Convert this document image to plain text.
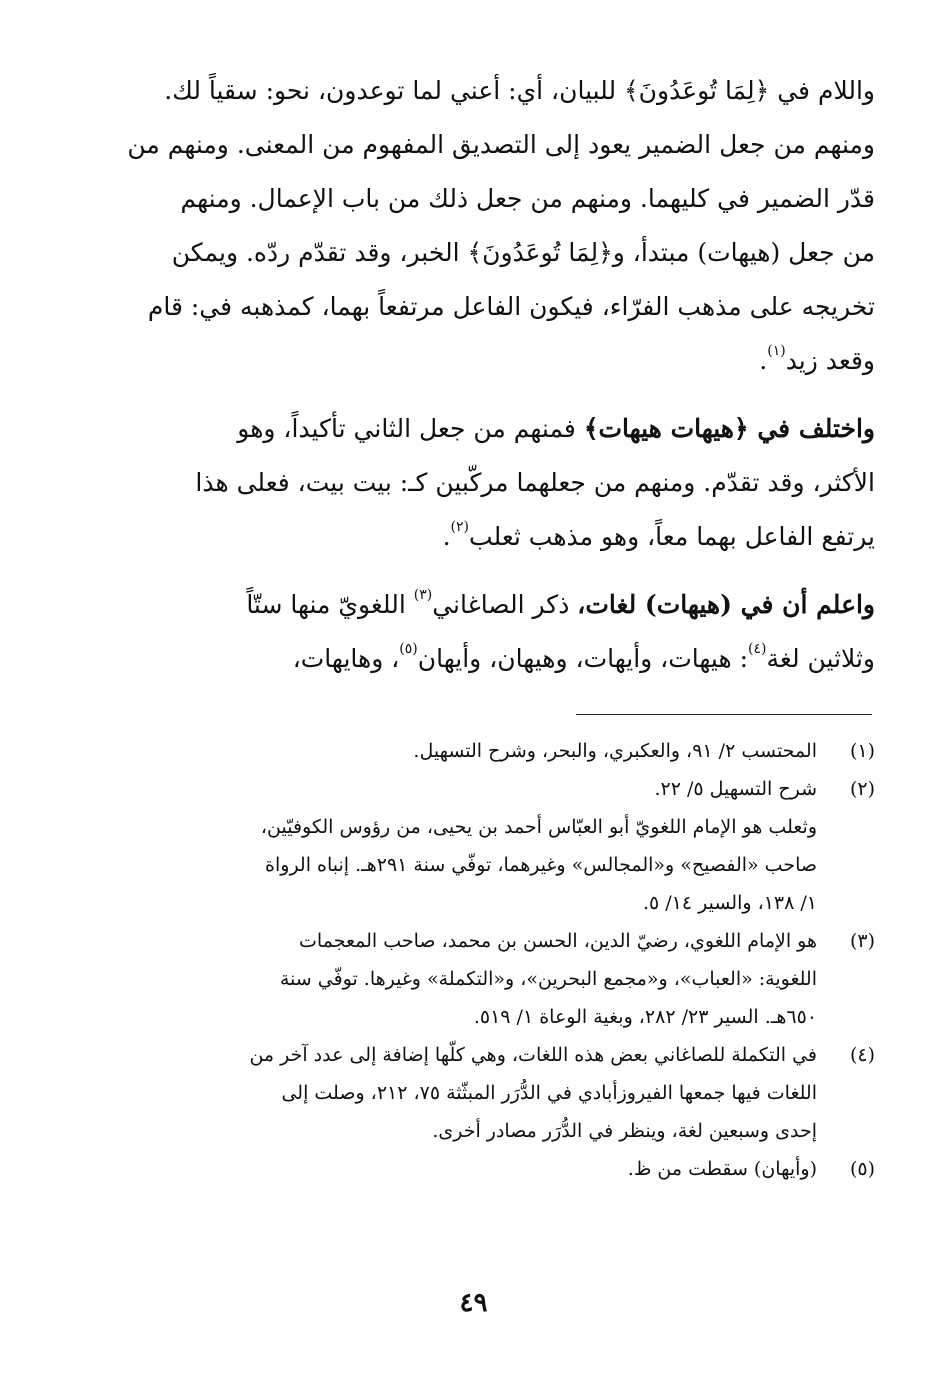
واللام في ﴿لِمَا تُوعَدُونَ﴾ للبيان، أي: أعني لما توعدون، نحو: سقياً لك.
ومنهم من جعل الضمير يعود إلى التصديق المفهوم من المعنى. ومنهم من
قدّر الضمير في كليهما. ومنهم من جعل ذلك من باب الإعمال. ومنهم
من جعل (هيهات) مبتدأ، و﴿لِمَا تُوعَدُونَ﴾ الخبر، وقد تقدّم ردّه. ويمكن
تخريجه على مذهب الفرّاء، فيكون الفاعل مرتفعاً بهما، كمذهبه في: قام
وقعد زيد$^{(١)}$.
واختلف في ﴿هيهات هيهات﴾ فمنهم من جعل الثاني تأكيداً، وهو
الأكثر، وقد تقدّم. ومنهم من جعلهما مركّبين كـ: بيت بيت، فعلى هذا
يرتفع الفاعل بهما معاً، وهو مذهب ثعلب$^{(٢)}$.
واعلم أن في (هيهات) لغات، ذكر الصاغاني$^{(٣)}$ اللغويّ منها ستّاً
وثلاثين لغة$^{(٤)}$: هيهات، وأيهات، وهيهان، وأيهان$^{(٥)}$، وهايهات،
(١)
المحتسب ٢/ ٩١، والعكبري، والبحر، وشرح التسهيل.
(٢)
شرح التسهيل ٥/ ٢٢.
وثعلب هو الإمام اللغويّ أبو العبّاس أحمد بن يحيى، من رؤوس الكوفيّين،
صاحب «الفصيح» و«المجالس» وغيرهما، توفّي سنة ٢٩١هـ. إنباه الرواة
١/ ١٣٨، والسير ١٤/ ٥.
(٣)
هو الإمام اللغوي، رضيّ الدين، الحسن بن محمد، صاحب المعجمات
اللغوية: «العباب»، و«مجمع البحرين»، و«التكملة» وغيرها. توفّي سنة
٦٥٠هـ. السير ٢٣/ ٢٨٢، وبغية الوعاة ١/ ٥١٩.
(٤)
في التكملة للصاغاني بعض هذه اللغات، وهي كلّها إضافة إلى عدد آخر من
اللغات فيها جمعها الفيروزأبادي في الدُّرَر المبثّثة ٧٥، ٢١٢، وصلت إلى
إحدى وسبعين لغة، وينظر في الدُّرَر مصادر أخرى.
(٥)
(وأيهان) سقطت من ظ.
٤٩
